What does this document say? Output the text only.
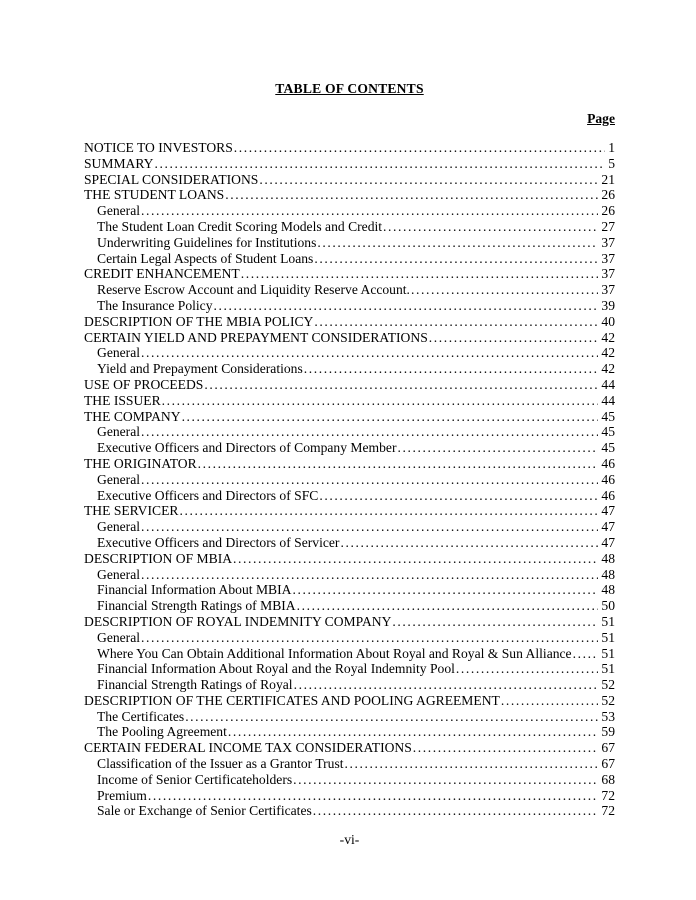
TABLE OF CONTENTS
Page
NOTICE TO INVESTORS .....	1
SUMMARY .....	5
SPECIAL CONSIDERATIONS .....	21
THE STUDENT LOANS .....	26
General .....	26
The Student Loan Credit Scoring Models and Credit .....	27
Underwriting Guidelines for Institutions .....	37
Certain Legal Aspects of Student Loans .....	37
CREDIT ENHANCEMENT .....	37
Reserve Escrow Account and Liquidity Reserve Account. .....	37
The Insurance Policy .....	39
DESCRIPTION OF THE MBIA POLICY .....	40
CERTAIN YIELD AND PREPAYMENT CONSIDERATIONS .....	42
General .....	42
Yield and Prepayment Considerations .....	42
USE OF PROCEEDS .....	44
THE ISSUER .....	44
THE COMPANY .....	45
General .....	45
Executive Officers and Directors of Company Member .....	45
THE ORIGINATOR .....	46
General .....	46
Executive Officers and Directors of SFC .....	46
THE SERVICER .....	47
General .....	47
Executive Officers and Directors of Servicer .....	47
DESCRIPTION OF MBIA .....	48
General .....	48
Financial Information About MBIA .....	48
Financial Strength Ratings of MBIA .....	50
DESCRIPTION OF ROYAL INDEMNITY COMPANY .....	51
General .....	51
Where You Can Obtain Additional Information About Royal and Royal & Sun Alliance ..... 51
Financial Information About Royal and the Royal Indemnity Pool .....	51
Financial Strength Ratings of Royal .....	52
DESCRIPTION OF THE CERTIFICATES AND POOLING AGREEMENT .....	52
The Certificates .....	53
The Pooling Agreement .....	59
CERTAIN FEDERAL INCOME TAX CONSIDERATIONS .....	67
Classification of the Issuer as a Grantor Trust .....	67
Income of Senior Certificateholders .....	68
Premium .....	72
Sale or Exchange of Senior Certificates .....	72
-vi-
